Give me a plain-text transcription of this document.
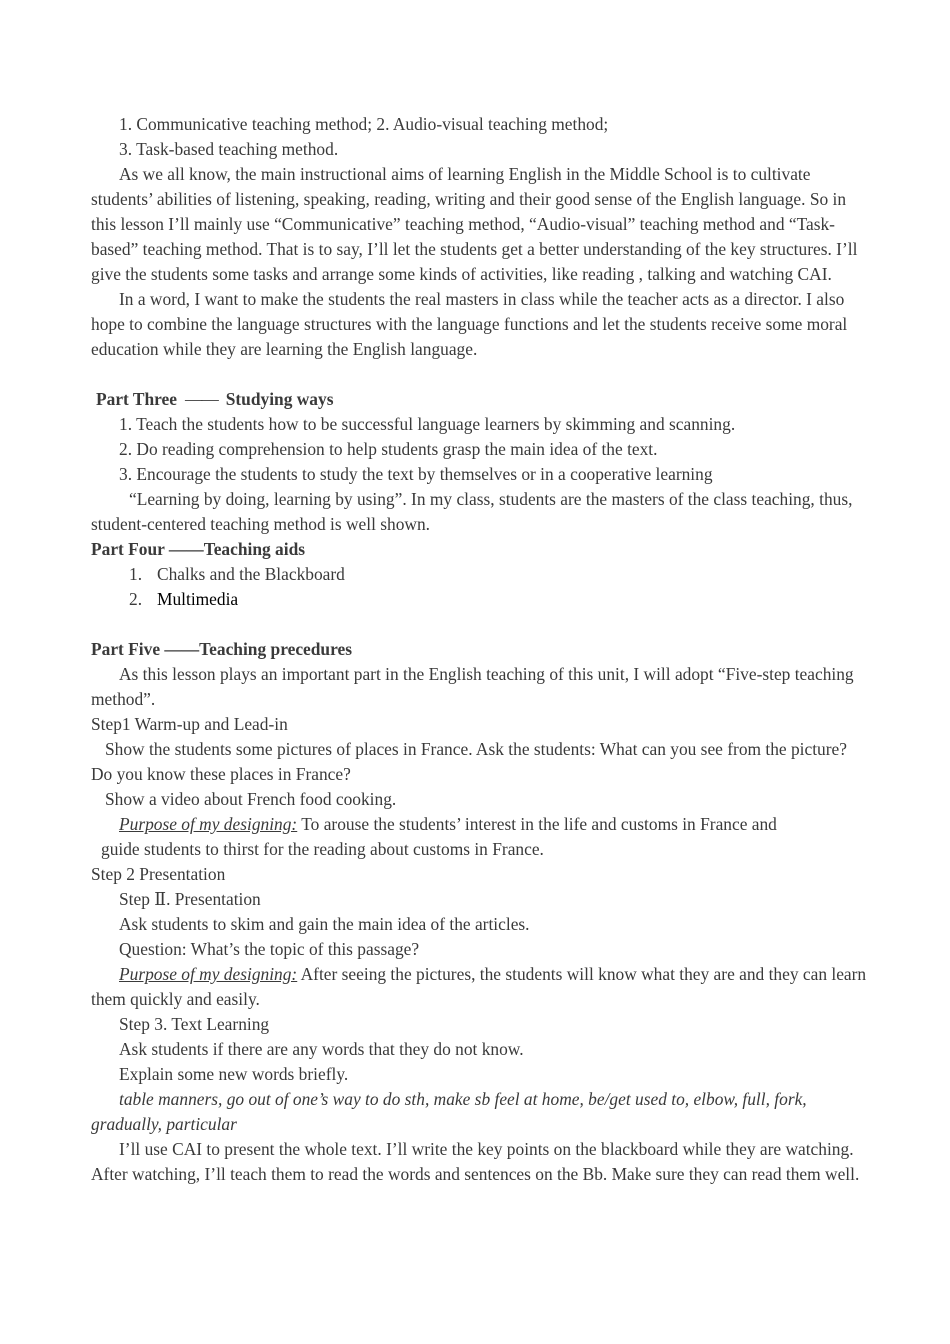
1. Communicative teaching method; 2. Audio-visual teaching method;

3. Task-based teaching method.

As we all know, the main instructional aims of learning English in the Middle School is to cultivate students’ abilities of listening, speaking, reading, writing and their good sense of the English language. So in this lesson I’ll mainly use “Communicative” teaching method, “Audio-visual” teaching method and “Task-based” teaching method. That is to say, I’ll let the students get a better understanding of the key structures. I’ll give the students some tasks and arrange some kinds of activities, like reading , talking and watching CAI.

In a word, I want to make the students the real masters in class while the teacher acts as a director. I also hope to combine the language structures with the language functions and let the students receive some moral education while they are learning the English language.

Part Three —— Studying ways

1. Teach the students how to be successful language learners by skimming and scanning.

2. Do reading comprehension to help students grasp the main idea of the text.

3. Encourage the students to study the text by themselves or in a cooperative learning

“Learning by doing, learning by using”. In my class, students are the masters of the class teaching, thus, student-centered teaching method is well shown.

Part Four ——Teaching aids

1. Chalks and the Blackboard

2. Multimedia

Part Five ——Teaching precedures

As this lesson plays an important part in the English teaching of this unit, I will adopt “Five-step teaching method”.

Step1 Warm-up and Lead-in

Show the students some pictures of places in France. Ask the students: What can you see from the picture? Do you know these places in France?

Show a video about French food cooking.

Purpose of my designing: To arouse the students’ interest in the life and customs in France and

guide students to thirst for the reading about customs in France.

Step 2 Presentation

Step Ⅱ. Presentation

Ask students to skim and gain the main idea of the articles.

Question: What’s the topic of this passage?

Purpose of my designing: After seeing the pictures, the students will know what they are and they can learn them quickly and easily.

Step 3. Text Learning

Ask students if there are any words that they do not know.

Explain some new words briefly.

table manners, go out of one’s way to do sth, make sb feel at home, be/get used to, elbow, full, fork, gradually, particular

I’ll use CAI to present the whole text. I’ll write the key points on the blackboard while they are watching. After watching, I’ll teach them to read the words and sentences on the Bb. Make sure they can read them well.
